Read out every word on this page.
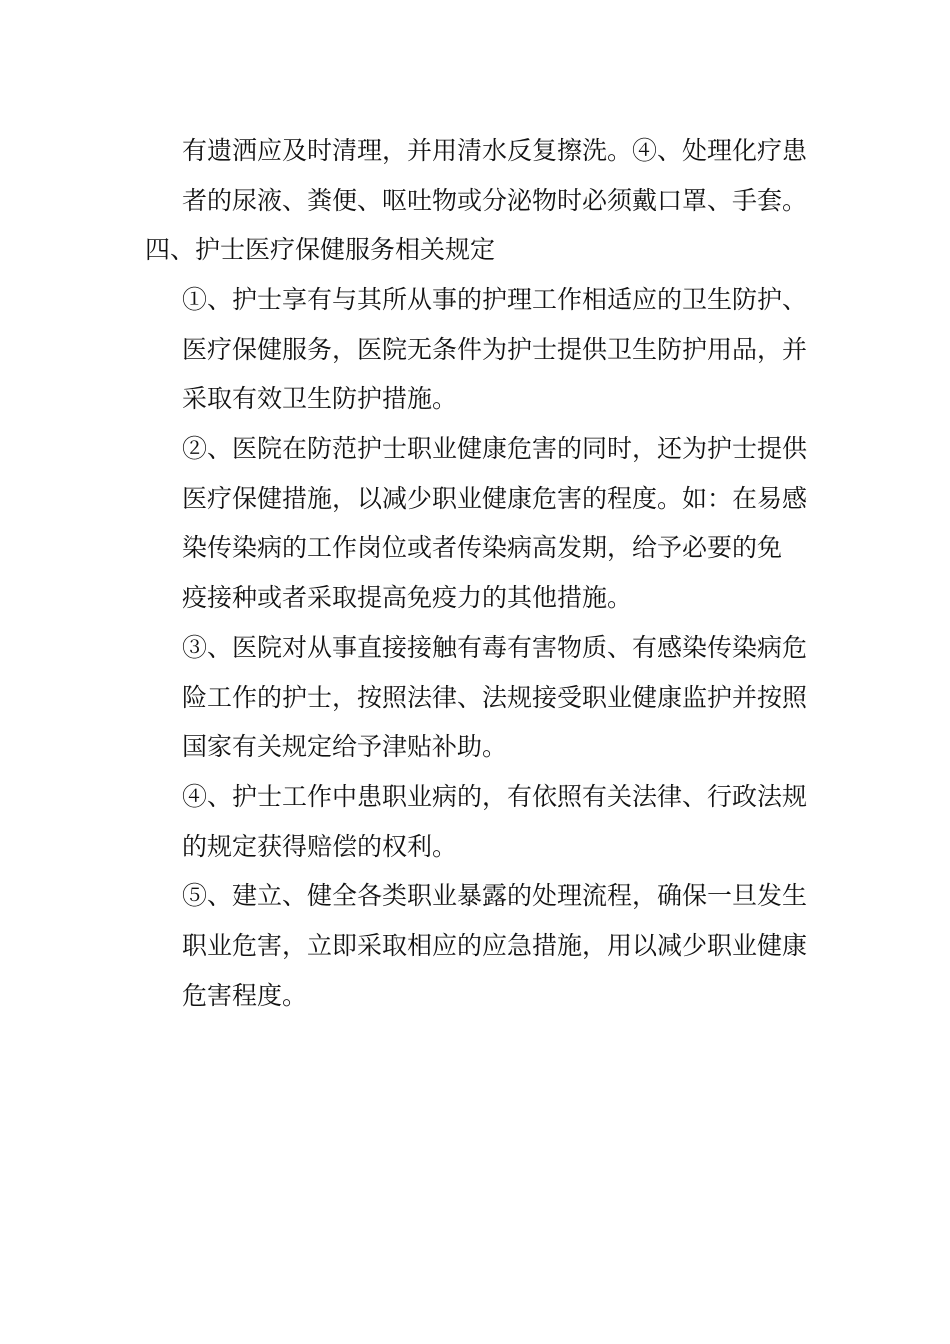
有遗洒应及时清理，并用清水反复擦洗。④、处理化疗患
者的尿液、粪便、呕吐物或分泌物时必须戴口罩、手套。
四、护士医疗保健服务相关规定
①、护士享有与其所从事的护理工作相适应的卫生防护、
医疗保健服务，医院无条件为护士提供卫生防护用品，并
采取有效卫生防护措施。
②、医院在防范护士职业健康危害的同时，还为护士提供
医疗保健措施，以减少职业健康危害的程度。如：在易感
染传染病的工作岗位或者传染病高发期，给予必要的免
疫接种或者采取提高免疫力的其他措施。
③、医院对从事直接接触有毒有害物质、有感染传染病危
险工作的护士，按照法律、法规接受职业健康监护并按照
国家有关规定给予津贴补助。
④、护士工作中患职业病的，有依照有关法律、行政法规
的规定获得赔偿的权利。
⑤、建立、健全各类职业暴露的处理流程，确保一旦发生
职业危害，立即采取相应的应急措施，用以减少职业健康
危害程度。
